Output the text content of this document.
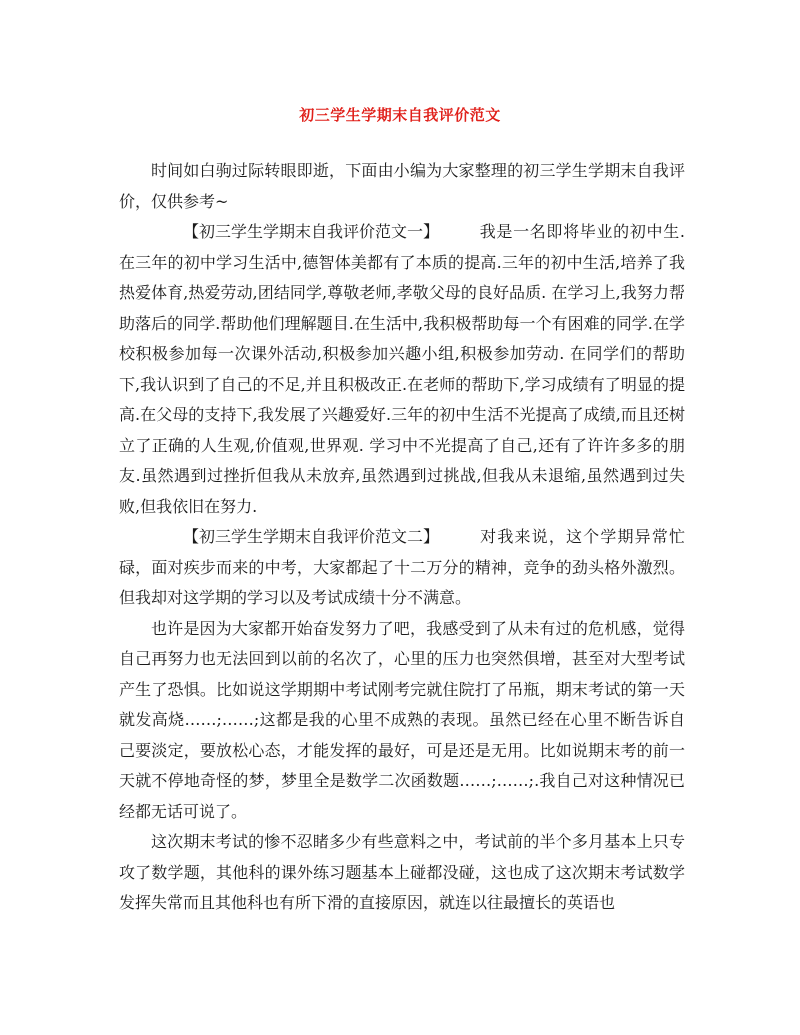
初三学生学期末自我评价范文

时间如白驹过际转眼即逝，下面由小编为大家整理的初三学生学期末自我评价，仅供参考~

【初三学生学期末自我评价范文一】	我是一名即将毕业的初中生.在三年的初中学习生活中,德智体美都有了本质的提高.三年的初中生活,培养了我热爱体育,热爱劳动,团结同学,尊敬老师,孝敬父母的良好品质. 在学习上,我努力帮助落后的同学.帮助他们理解题目.在生活中,我积极帮助每一个有困难的同学.在学校积极参加每一次课外活动,积极参加兴趣小组,积极参加劳动. 在同学们的帮助下,我认识到了自己的不足,并且积极改正.在老师的帮助下,学习成绩有了明显的提高.在父母的支持下,我发展了兴趣爱好.三年的初中生活不光提高了成绩,而且还树立了正确的人生观,价值观,世界观. 学习中不光提高了自己,还有了许许多多的朋友.虽然遇到过挫折但我从未放弃,虽然遇到过挑战,但我从未退缩,虽然遇到过失败,但我依旧在努力.

【初三学生学期末自我评价范文二】	对我来说，这个学期异常忙碌，面对疾步而来的中考，大家都起了十二万分的精神，竞争的劲头格外激烈。但我却对这学期的学习以及考试成绩十分不满意。

也许是因为大家都开始奋发努力了吧，我感受到了从未有过的危机感，觉得自己再努力也无法回到以前的名次了，心里的压力也突然倶增，甚至对大型考试产生了恐惧。比如说这学期期中考试刚考完就住院打了吊瓶，期末考试的第一天就发高烧……;……;这都是我的心里不成熟的表现。虽然已经在心里不断告诉自己要淡定，要放松心态，才能发挥的最好，可是还是无用。比如说期末考的前一天就不停地奇怪的梦，梦里全是数学二次函数题……;……;.我自己对这种情况已经都无话可说了。

这次期末考试的惨不忍睹多少有些意料之中，考试前的半个多月基本上只专攻了数学题，其他科的课外练习题基本上碰都没碰，这也成了这次期末考试数学发挥失常而且其他科也有所下滑的直接原因，就连以往最擅长的英语也
